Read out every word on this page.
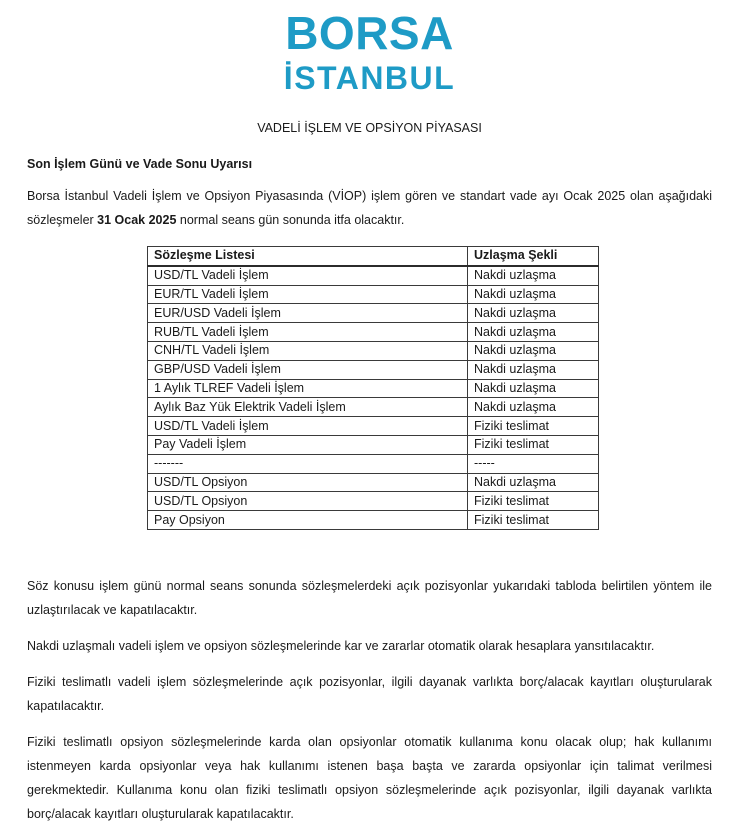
BORSA
İSTANBUL
VADELİ İŞLEM VE OPSİYON PİYASASI
Son İşlem Günü ve Vade Sonu Uyarısı

Borsa İstanbul Vadeli İşlem ve Opsiyon Piyasasında (VİOP) işlem gören ve standart vade ayı Ocak 2025 olan aşağıdaki sözleşmeler 31 Ocak 2025 normal seans gün sonunda itfa olacaktır.

Sözleşme Listesi	Uzlaşma Şekli
USD/TL Vadeli İşlem	Nakdi uzlaşma
EUR/TL Vadeli İşlem	Nakdi uzlaşma
EUR/USD Vadeli İşlem	Nakdi uzlaşma
RUB/TL Vadeli İşlem	Nakdi uzlaşma
CNH/TL Vadeli İşlem	Nakdi uzlaşma
GBP/USD Vadeli İşlem	Nakdi uzlaşma
1 Aylık TLREF Vadeli İşlem	Nakdi uzlaşma
Aylık Baz Yük Elektrik Vadeli İşlem	Nakdi uzlaşma
USD/TL Vadeli İşlem	Fiziki teslimat
Pay Vadeli İşlem	Fiziki teslimat
-------	-----
USD/TL Opsiyon	Nakdi uzlaşma
USD/TL Opsiyon	Fiziki teslimat
Pay Opsiyon	Fiziki teslimat

Söz konusu işlem günü normal seans sonunda sözleşmelerdeki açık pozisyonlar yukarıdaki tabloda belirtilen yöntem ile uzlaştırılacak ve kapatılacaktır.

Nakdi uzlaşmalı vadeli işlem ve opsiyon sözleşmelerinde kar ve zararlar otomatik olarak hesaplara yansıtılacaktır.

Fiziki teslimatlı vadeli işlem sözleşmelerinde açık pozisyonlar, ilgili dayanak varlıkta borç/alacak kayıtları oluşturularak kapatılacaktır.

Fiziki teslimatlı opsiyon sözleşmelerinde karda olan opsiyonlar otomatik kullanıma konu olacak olup; hak kullanımı istenmeyen karda opsiyonlar veya hak kullanımı istenen başa başta ve zararda opsiyonlar için talimat verilmesi gerekmektedir. Kullanıma konu olan fiziki teslimatlı opsiyon sözleşmelerinde açık pozisyonlar, ilgili dayanak varlıkta borç/alacak kayıtları oluşturularak kapatılacaktır.
